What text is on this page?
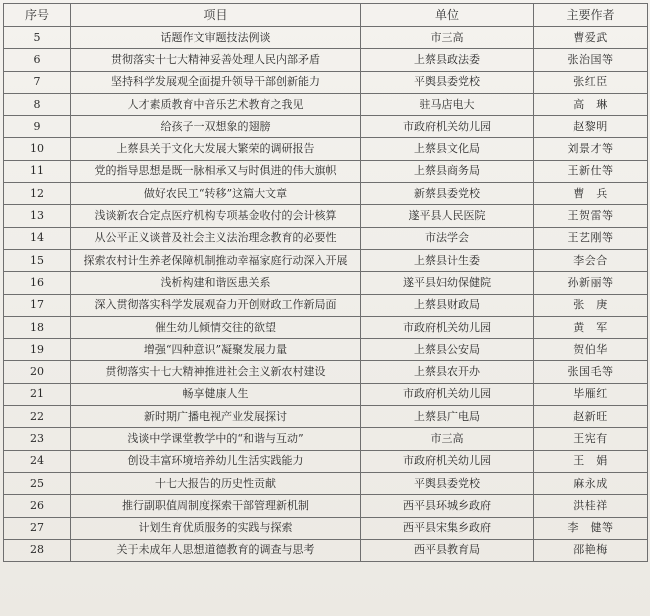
序号	项目	单位	主要作者
5	话题作文审题技法例谈	市三高	曹爱武
6	贯彻落实十七大精神妥善处理人民内部矛盾	上蔡县政法委	张治国等
7	坚持科学发展观全面提升领导干部创新能力	平舆县委党校	张红臣
8	人才素质教育中音乐艺术教育之我见	驻马店电大	高　琳
9	给孩子一双想象的翅膀	市政府机关幼儿园	赵黎明
10	上蔡县关于文化大发展大繁荣的调研报告	上蔡县文化局	刘景才等
11	党的指导思想是既一脉相承又与时俱进的伟大旗帜	上蔡县商务局	王新仕等
12	做好农民工“转移”这篇大文章	新蔡县委党校	曹　兵
13	浅谈新农合定点医疗机构专项基金收付的会计核算	遂平县人民医院	王贺雷等
14	从公平正义谈普及社会主义法治理念教育的必要性	市法学会	王艺刚等
15	探索农村计生养老保障机制推动幸福家庭行动深入开展	上蔡县计生委	李会合
16	浅析构建和谐医患关系	遂平县妇幼保健院	孙新丽等
17	深入贯彻落实科学发展观奋力开创财政工作新局面	上蔡县财政局	张　庚
18	催生幼儿倾情交往的欲望	市政府机关幼儿园	黄　军
19	增强“四种意识”凝聚发展力量	上蔡县公安局	贺伯华
20	贯彻落实十七大精神推进社会主义新农村建设	上蔡县农开办	张国毛等
21	畅享健康人生	市政府机关幼儿园	毕雁红
22	新时期广播电视产业发展探讨	上蔡县广电局	赵新旺
23	浅谈中学课堂教学中的“和谐与互动”	市三高	王宪有
24	创设丰富环境培养幼儿生活实践能力	市政府机关幼儿园	王　娟
25	十七大报告的历史性贡献	平舆县委党校	麻永成
26	推行副职值周制度探索干部管理新机制	西平县环城乡政府	洪桂祥
27	计划生育优质服务的实践与探索	西平县宋集乡政府	李　健等
28	关于未成年人思想道德教育的调查与思考	西平县教育局	邵艳梅
